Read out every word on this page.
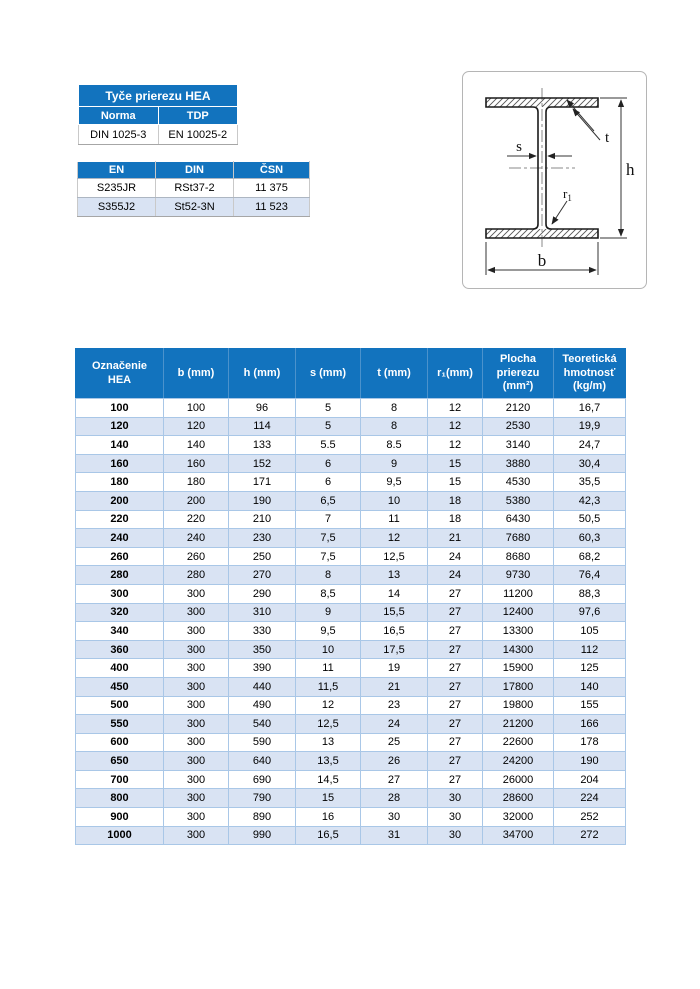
Tyče prierezu HEA	
Norma	TDP
DIN 1025-3	EN 10025-2
EN	DIN	ČSN
S235JR	RSt37-2	11 375
S355J2	St52-3N	11 523
h
b
s
t
$r_1$
Označenie HEA	b (mm)	h (mm)	s (mm)	t (mm)	r₁(mm)	Plocha prierezu (mm²)	Teoretická hmotnosť (kg/m)
100	100	96	5	8	12	2120	16,7
120	120	114	5	8	12	2530	19,9
140	140	133	5.5	8.5	12	3140	24,7
160	160	152	6	9	15	3880	30,4
180	180	171	6	9,5	15	4530	35,5
200	200	190	6,5	10	18	5380	42,3
220	220	210	7	11	18	6430	50,5
240	240	230	7,5	12	21	7680	60,3
260	260	250	7,5	12,5	24	8680	68,2
280	280	270	8	13	24	9730	76,4
300	300	290	8,5	14	27	11200	88,3
320	300	310	9	15,5	27	12400	97,6
340	300	330	9,5	16,5	27	13300	105
360	300	350	10	17,5	27	14300	112
400	300	390	11	19	27	15900	125
450	300	440	11,5	21	27	17800	140
500	300	490	12	23	27	19800	155
550	300	540	12,5	24	27	21200	166
600	300	590	13	25	27	22600	178
650	300	640	13,5	26	27	24200	190
700	300	690	14,5	27	27	26000	204
800	300	790	15	28	30	28600	224
900	300	890	16	30	30	32000	252
1000	300	990	16,5	31	30	34700	272
